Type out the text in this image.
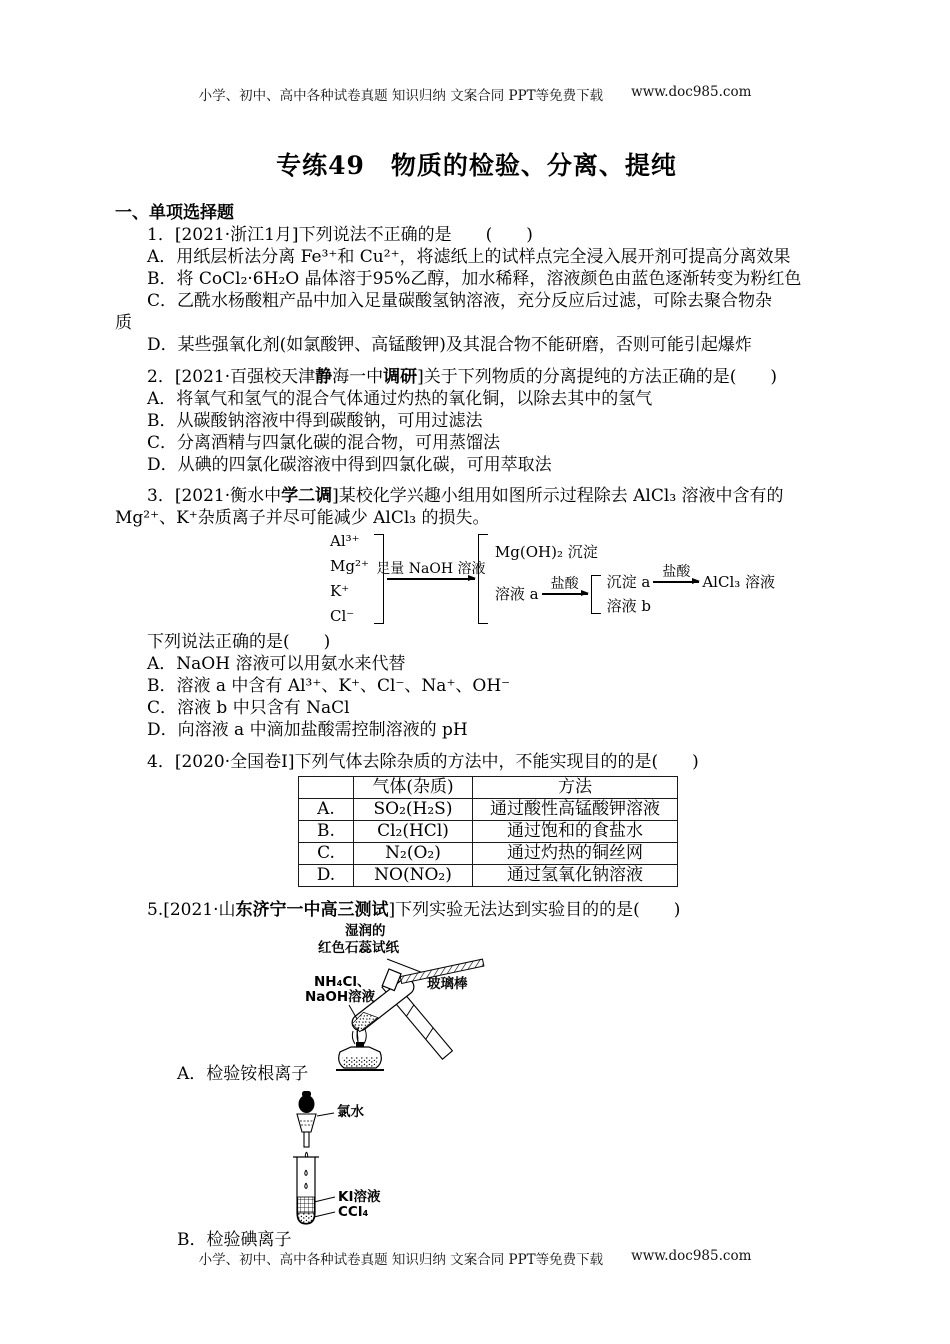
小学、初中、高中各种试卷真题 知识归纳 文案合同 PPT等免费下载 www.doc985.com
专练49　物质的检验、分离、提纯
一、单项选择题

1．[2021·浙江1月]下列说法不正确的是　　(　　)

A．用纸层析法分离 Fe³⁺和 Cu²⁺，将滤纸上的试样点完全浸入展开剂可提高分离效果

B．将 CoCl₂·6H₂O 晶体溶于95%乙醇，加水稀释，溶液颜色由蓝色逐渐转变为粉红色

C．乙酰水杨酸粗产品中加入足量碳酸氢钠溶液，充分反应后过滤，可除去聚合物杂

质

D．某些强氧化剂(如氯酸钾、高锰酸钾)及其混合物不能研磨，否则可能引起爆炸

2．[2021·百强校天津静海一中调研]关于下列物质的分离提纯的方法正确的是(　　)

A．将氧气和氢气的混合气体通过灼热的氧化铜，以除去其中的氢气

B．从碳酸钠溶液中得到碳酸钠，可用过滤法

C．分离酒精与四氯化碳的混合物，可用蒸馏法

D．从碘的四氯化碳溶液中得到四氯化碳，可用萃取法

3．[2021·衡水中学二调]某校化学兴趣小组用如图所示过程除去 AlCl₃ 溶液中含有的

Mg²⁺、K⁺杂质离子并尽可能减少 AlCl₃ 的损失。

Al³⁺
Mg²⁺
K⁺
Cl⁻
足量 NaOH 溶液
Mg(OH)₂ 沉淀
溶液 a
盐酸 沉淀 a
盐酸
AlCl₃ 溶液
溶液 b

下列说法正确的是(　　)

A．NaOH 溶液可以用氨水来代替

B．溶液 a 中含有 Al³⁺、K⁺、Cl⁻、Na⁺、OH⁻

C．溶液 b 中只含有 NaCl

D．向溶液 a 中滴加盐酸需控制溶液的 pH

4．[2020·全国卷Ⅰ]下列气体去除杂质的方法中，不能实现目的的是(　　)

	气体(杂质)	方法
A.	SO₂(H₂S)	通过酸性高锰酸钾溶液
B.	Cl₂(HCl)	通过饱和的食盐水
C.	N₂(O₂)	通过灼热的铜丝网
D.	NO(NO₂)	通过氢氧化钠溶液

5.[2021·山东济宁一中高三测试]下列实验无法达到实验目的的是(　　)

湿润的
红色石蕊试纸
玻璃棒
NH₄Cl、
NaOH溶液

A．检验铵根离子

氯水
KI溶液
CCl₄

B．检验碘离子

小学、初中、高中各种试卷真题 知识归纳 文案合同 PPT等免费下载 www.doc985.com
